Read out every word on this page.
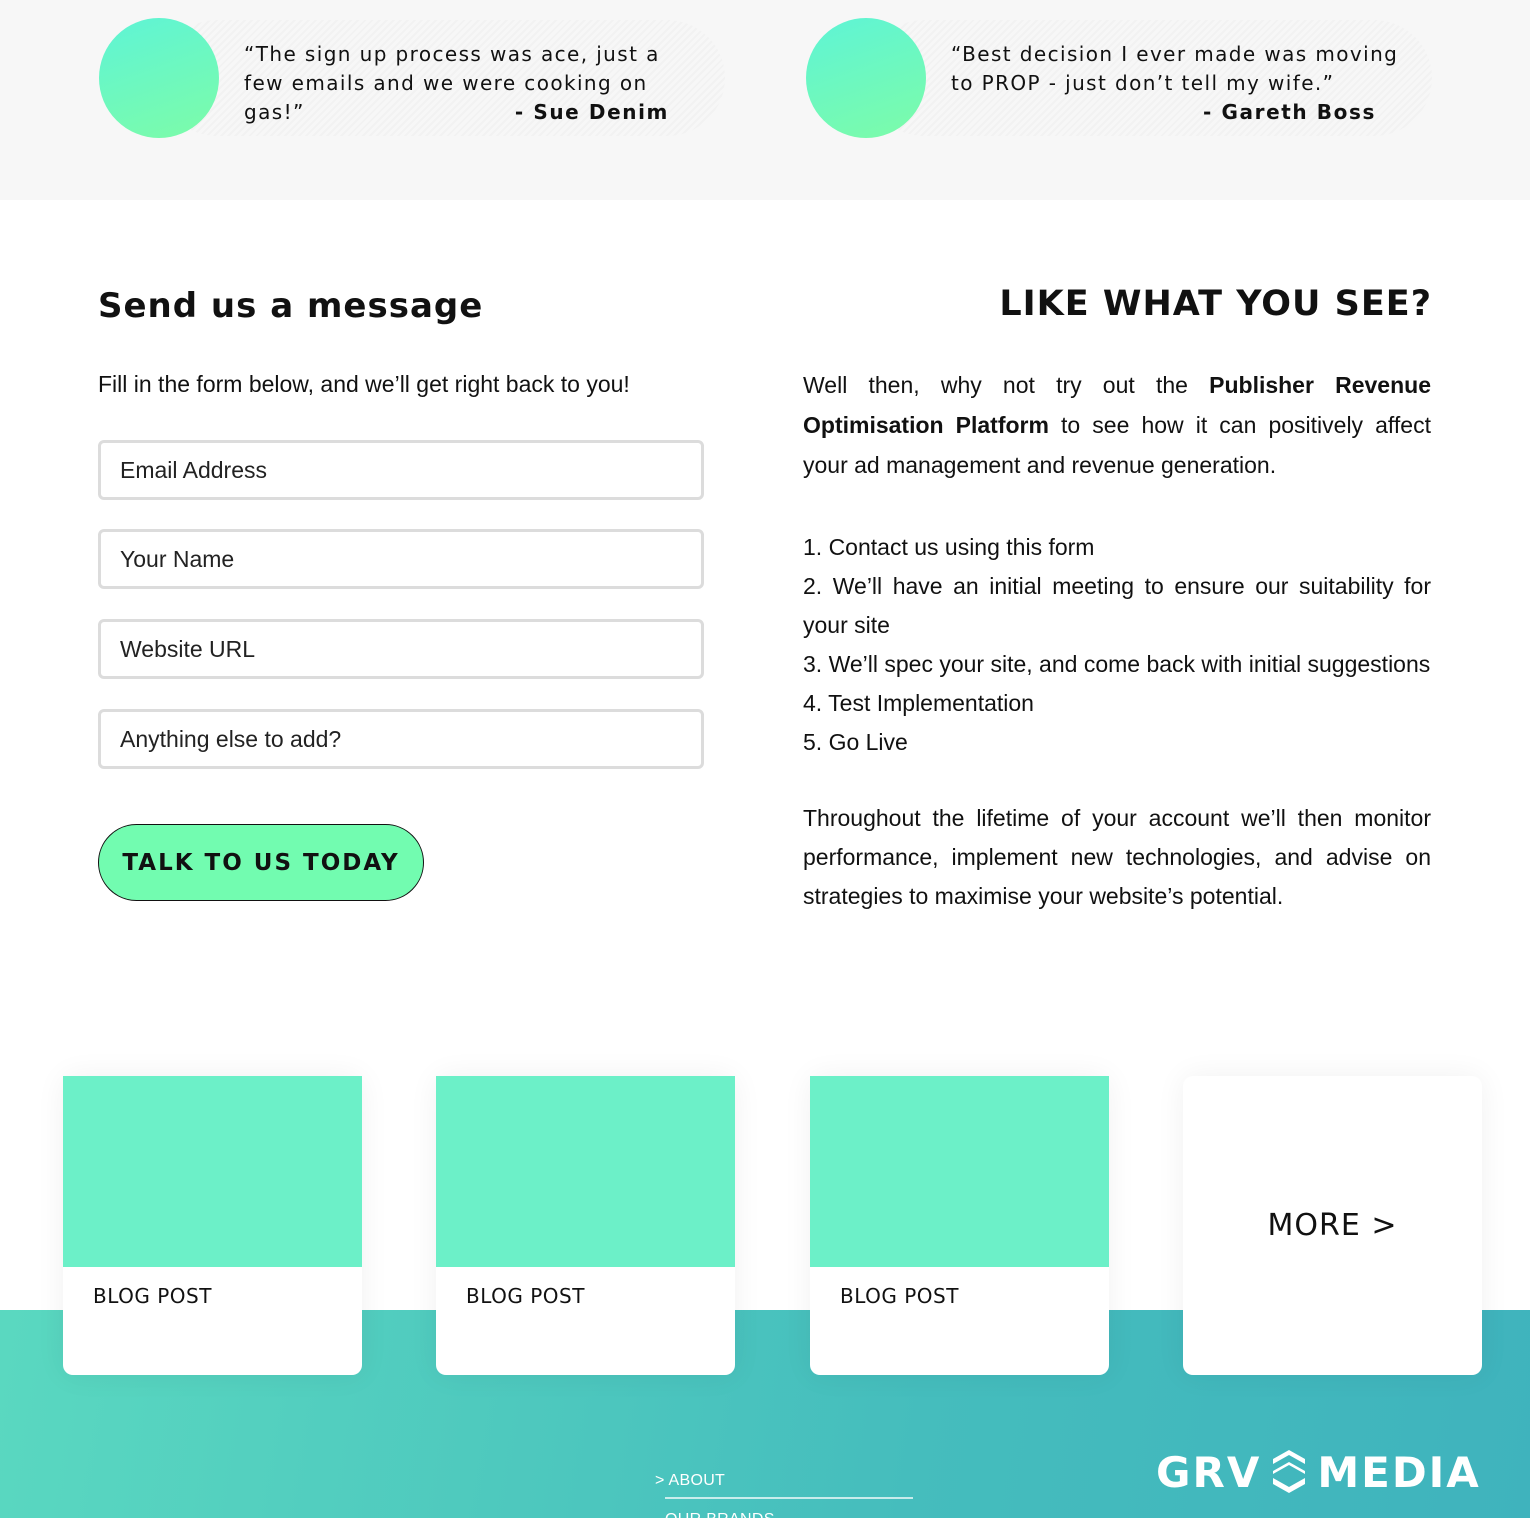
“The sign up process was ace, just a few emails and we were cooking on gas!”	- Sue Denim

“Best decision I ever made was moving to PROP - just don’t tell my wife.”

- Gareth Boss

Send us a message

Fill in the form below, and we’ll get right back to you!

Email Address
Your Name
Website URL
Anything else to add?
TALK TO US TODAY
LIKE WHAT YOU SEE?

Well then, why not try out the Publisher Revenue Optimisation Platform to see how it can positively affect your ad management and revenue generation.

1. Contact us using this form
2. We’ll have an initial meeting to ensure our suitability for your site
3. We’ll spec your site, and come back with initial suggestions
4. Test Implementation
5. Go Live

Throughout the lifetime of your account we’ll then monitor performance, implement new technologies, and advise on strategies to maximise your website’s potential.

BLOG POST	BLOG POST	BLOG POST
MORE >
> ABOUT
OUR BRANDS
GRV MEDIA
